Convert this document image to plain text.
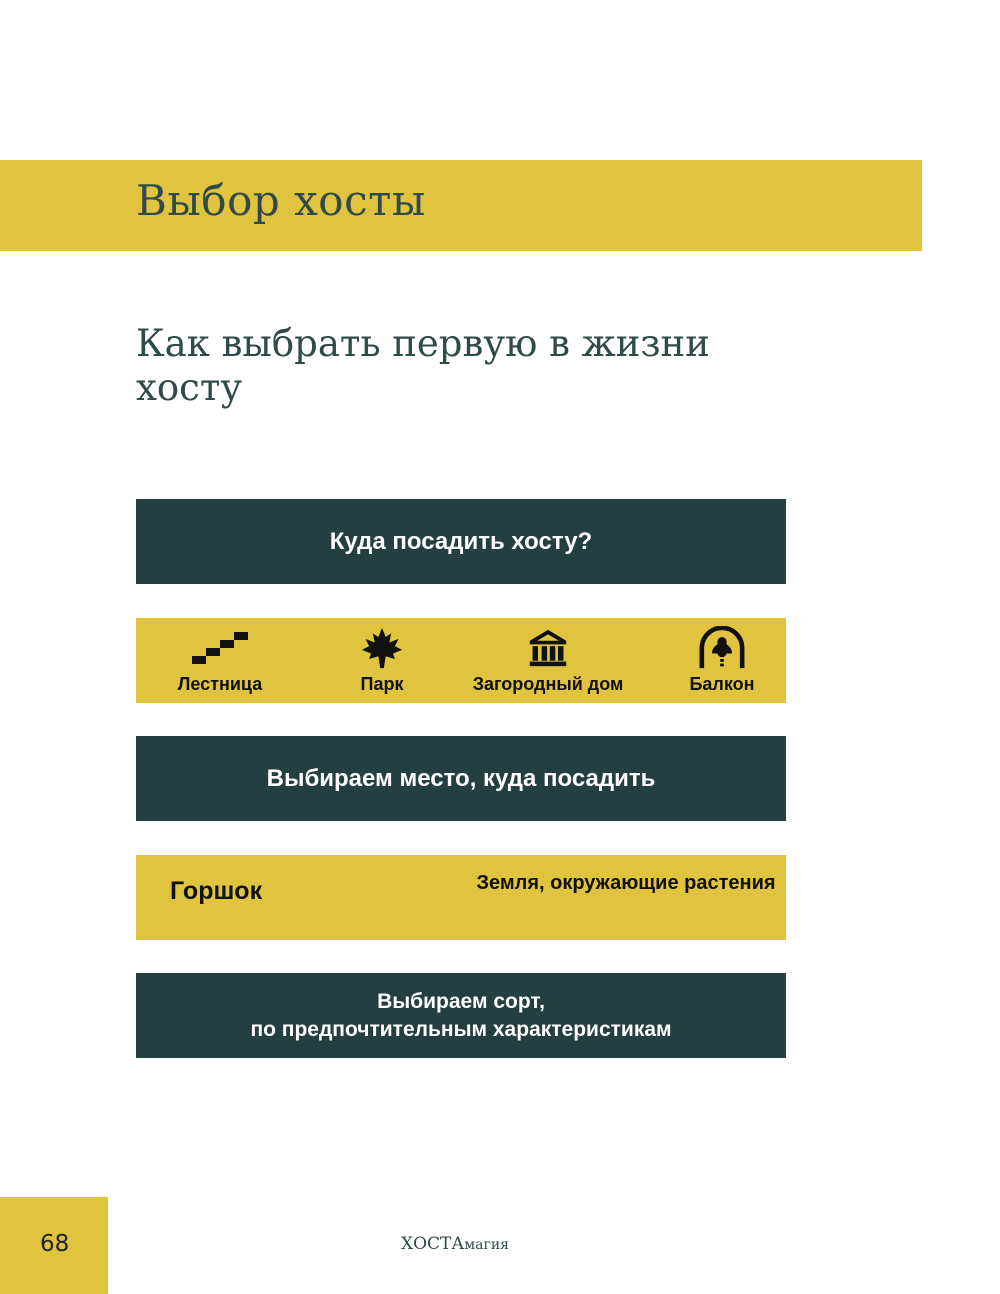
Выбор хосты
Как выбрать первую в жизни хосту
Куда посадить хосту?
Лестница	Парк	Загородный дом	Балкон
Выбираем место, куда посадить
Горшок	Земля, окружающие растения
Выбираем сорт,
по предпочтительным характеристикам
68	ХОСТАмагия
